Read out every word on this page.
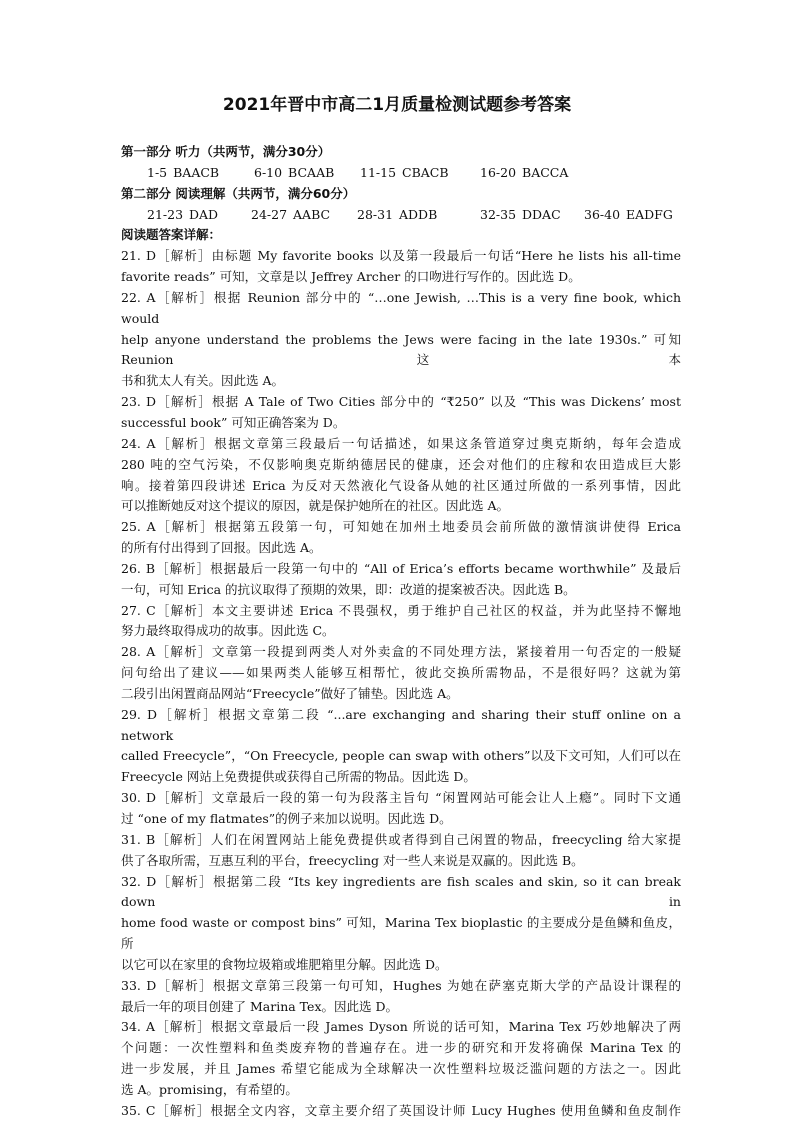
2021年晋中市高二1月质量检测试题参考答案
第一部分 听力（共两节，满分30分）
1-5 BAACB	6-10 BCAAB 11-15 CBACB	16-20 BACCA
第二部分 阅读理解（共两节，满分60分）
21-23 DAD	24-27 AABC 28-31 ADDB	32-35 DDAC 36-40 EADFG
阅读题答案详解：
21. D［解析］由标题 My favorite books 以及第一段最后一句话“Here he lists his all-time
favorite reads” 可知，文章是以 Jeffrey Archer 的口吻进行写作的。因此选 D。
22. A［解析］根据 Reunion 部分中的 “…one Jewish, …This is a very fine book, which would
help anyone understand the problems the Jews were facing in the late 1930s.” 可知 Reunion 这本
书和犹太人有关。因此选 A。
23. D［解析］根据 A Tale of Two Cities 部分中的 “₹250” 以及 “This was Dickens’ most
successful book” 可知正确答案为 D。
24. A［解析］根据文章第三段最后一句话描述，如果这条管道穿过奥克斯纳，每年会造成
280 吨的空气污染，不仅影响奥克斯纳德居民的健康，还会对他们的庄稼和农田造成巨大影
响。接着第四段讲述 Erica 为反对天然液化气设备从她的社区通过所做的一系列事情，因此
可以推断她反对这个提议的原因，就是保护她所在的社区。因此选 A。
25. A［解析］根据第五段第一句，可知她在加州土地委员会前所做的激情演讲使得 Erica
的所有付出得到了回报。因此选 A。
26. B［解析］根据最后一段第一句中的 “All of Erica’s efforts became worthwhile” 及最后
一句，可知 Erica 的抗议取得了预期的效果，即：改道的提案被否决。因此选 B。
27. C［解析］本文主要讲述 Erica 不畏强权，勇于维护自己社区的权益，并为此坚持不懈地
努力最终取得成功的故事。因此选 C。
28. A［解析］文章第一段提到两类人对外卖盒的不同处理方法，紧接着用一句否定的一般疑
问句给出了建议——如果两类人能够互相帮忙，彼此交换所需物品，不是很好吗？这就为第
二段引出闲置商品网站“Freecycle”做好了铺垫。因此选 A。
29. D［解析］根据文章第二段 “...are exchanging and sharing their stuff online on a network
called Freecycle”，“On Freecycle, people can swap with others”以及下文可知，人们可以在
Freecycle 网站上免费提供或获得自己所需的物品。因此选 D。
30. D［解析］文章最后一段的第一句为段落主旨句 “闲置网站可能会让人上瘾”。同时下文通
过 “one of my flatmates”的例子来加以说明。因此选 D。
31. B［解析］人们在闲置网站上能免费提供或者得到自己闲置的物品，freecycling 给大家提
供了各取所需，互惠互利的平台，freecycling 对一些人来说是双赢的。因此选 B。
32. D［解析］根据第二段 “Its key ingredients are fish scales and skin, so it can break down in
home food waste or compost bins” 可知，Marina Tex bioplastic 的主要成分是鱼鳞和鱼皮，所
以它可以在家里的食物垃圾箱或堆肥箱里分解。因此选 D。
33. D［解析］根据文章第三段第一句可知，Hughes 为她在萨塞克斯大学的产品设计课程的
最后一年的项目创建了 Marina Tex。因此选 D。
34. A［解析］根据文章最后一段 James Dyson 所说的话可知，Marina Tex 巧妙地解决了两
个问题：一次性塑料和鱼类废弃物的普遍存在。进一步的研究和开发将确保 Marina Tex 的
进一步发展，并且 James 希望它能成为全球解决一次性塑料垃圾泛滥问题的方法之一。因此
选 A。promising，有希望的。
35. C［解析］根据全文内容，文章主要介绍了英国设计师 Lucy Hughes 使用鱼鳞和鱼皮制作
